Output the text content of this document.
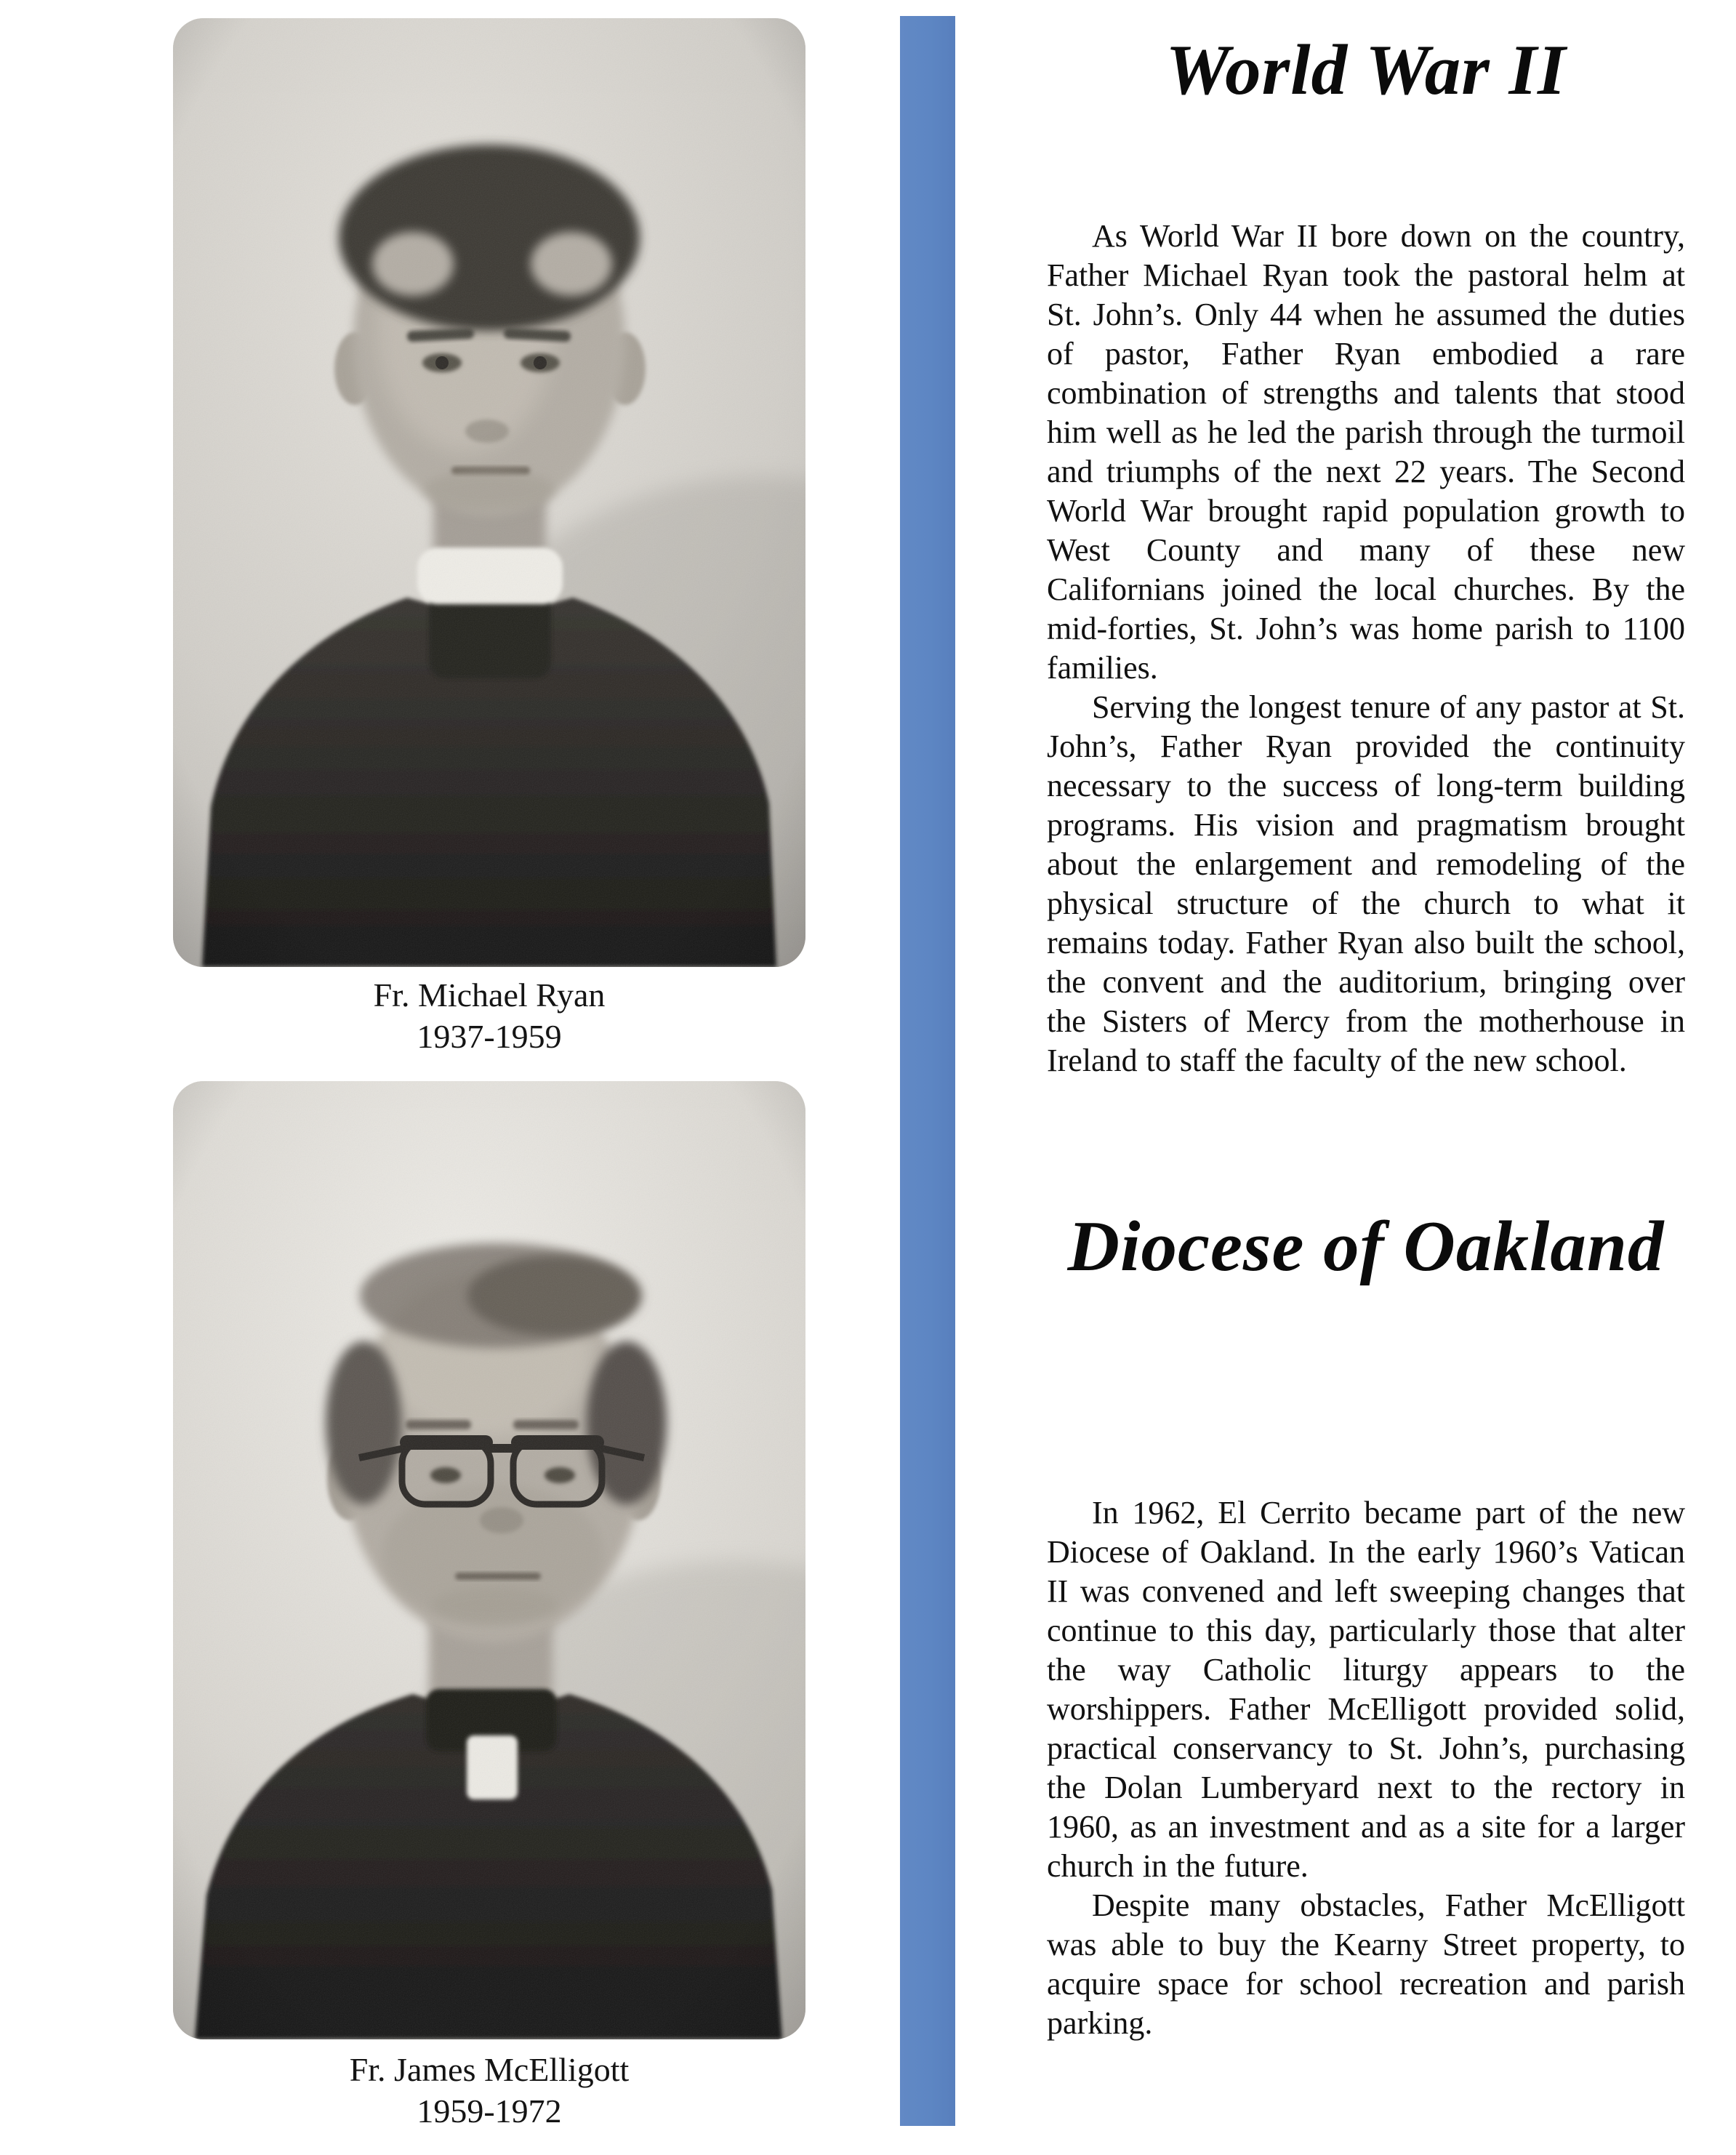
Fr. Michael Ryan
1937-1959
Fr. James McElligott
1959-1972
World War II

As World War II bore down on the country, Father Michael Ryan took the pastoral helm at St. John’s. Only 44 when he assumed the duties of pastor, Father Ryan embodied a rare combination of strengths and talents that stood him well as he led the parish through the turmoil and triumphs of the next 22 years. The Second World War brought rapid population growth to West County and many of these new Californians joined the local churches. By the mid-forties, St. John’s was home parish to 1100 families.

Serving the longest tenure of any pastor at St. John’s, Father Ryan provided the continuity necessary to the success of long-term building programs. His vision and pragmatism brought about the enlargement and remodeling of the physical structure of the church to what it remains today. Father Ryan also built the school, the convent and the auditorium, bringing over the Sisters of Mercy from the motherhouse in Ireland to staff the faculty of the new school.

Diocese of Oakland

In 1962, El Cerrito became part of the new Diocese of Oakland. In the early 1960’s Vatican II was convened and left sweeping changes that continue to this day, particularly those that alter the way Catholic liturgy appears to the worshippers. Father McElligott provided solid, practical conservancy to St. John’s, purchasing the Dolan Lumberyard next to the rectory in 1960, as an investment and as a site for a larger church in the future.

Despite many obstacles, Father McElligott was able to buy the Kearny Street property, to acquire space for school recreation and parish parking.
